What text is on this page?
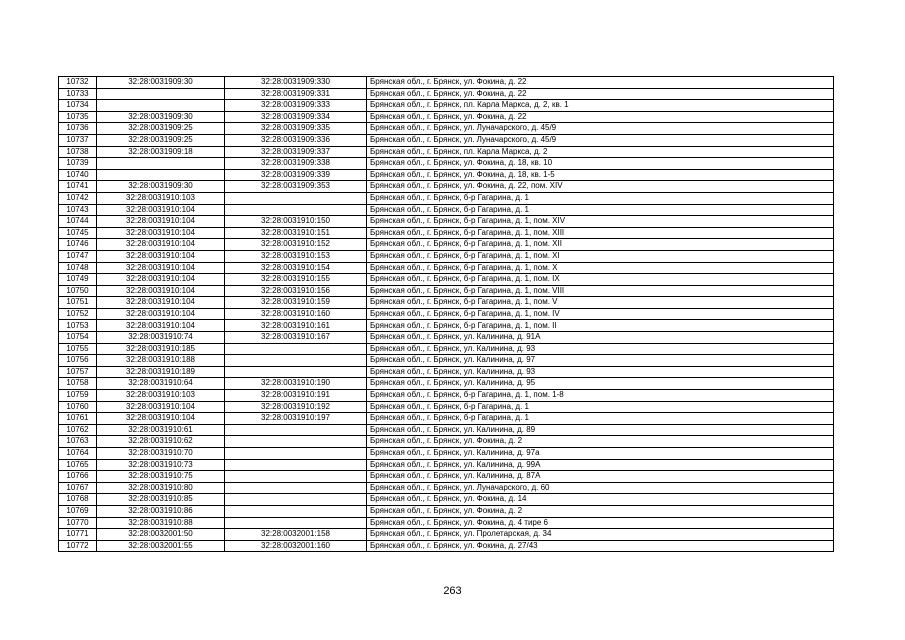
10732	32:28:0031909:30	32:28:0031909:330	Брянская обл., г. Брянск, ул. Фокина, д. 22
10733		32:28:0031909:331	Брянская обл., г. Брянск, ул. Фокина, д. 22
10734		32:28:0031909:333	Брянская обл., г. Брянск, пл. Карла Маркса, д. 2, кв. 1
10735	32:28:0031909:30	32:28:0031909:334	Брянская обл., г. Брянск, ул. Фокина, д. 22
10736	32:28:0031909:25	32:28:0031909:335	Брянская обл., г. Брянск, ул. Луначарского, д. 45/9
10737	32:28:0031909:25	32:28:0031909:336	Брянская обл., г. Брянск, ул. Луначарского, д. 45/9
10738	32:28:0031909:18	32:28:0031909:337	Брянская обл., г. Брянск, пл. Карла Маркса, д. 2
10739		32:28:0031909:338	Брянская обл., г. Брянск, ул. Фокина, д. 18, кв. 10
10740		32:28:0031909:339	Брянская обл., г. Брянск, ул. Фокина, д. 18, кв. 1-5
10741	32:28:0031909:30	32:28:0031909:353	Брянская обл., г. Брянск, ул. Фокина, д. 22, пом. XIV
10742	32:28:0031910:103		Брянская обл., г. Брянск, б-р Гагарина, д. 1
10743	32:28:0031910:104		Брянская обл., г. Брянск, б-р Гагарина, д. 1
10744	32:28:0031910:104	32:28:0031910:150	Брянская обл., г. Брянск, б-р Гагарина, д. 1, пом. XIV
10745	32:28:0031910:104	32:28:0031910:151	Брянская обл., г. Брянск, б-р Гагарина, д. 1, пом. XIII
10746	32:28:0031910:104	32:28:0031910:152	Брянская обл., г. Брянск, б-р Гагарина, д. 1, пом. XII
10747	32:28:0031910:104	32:28:0031910:153	Брянская обл., г. Брянск, б-р Гагарина, д. 1, пом. XI
10748	32:28:0031910:104	32:28:0031910:154	Брянская обл., г. Брянск, б-р Гагарина, д. 1, пом. X
10749	32:28:0031910:104	32:28:0031910:155	Брянская обл., г. Брянск, б-р Гагарина, д. 1, пом. IX
10750	32:28:0031910:104	32:28:0031910:156	Брянская обл., г. Брянск, б-р Гагарина, д. 1, пом. VIII
10751	32:28:0031910:104	32:28:0031910:159	Брянская обл., г. Брянск, б-р Гагарина, д. 1, пом. V
10752	32:28:0031910:104	32:28:0031910:160	Брянская обл., г. Брянск, б-р Гагарина, д. 1, пом. IV
10753	32:28:0031910:104	32:28:0031910:161	Брянская обл., г. Брянск, б-р Гагарина, д. 1, пом. II
10754	32:28:0031910:74	32:28:0031910:167	Брянская обл., г. Брянск, ул. Калинина, д. 91А
10755	32:28:0031910:185		Брянская обл., г. Брянск, ул. Калинина, д. 93
10756	32:28:0031910:188		Брянская обл., г. Брянск, ул. Калинина, д. 97
10757	32:28:0031910:189		Брянская обл., г. Брянск, ул. Калинина, д. 93
10758	32:28:0031910:64	32:28:0031910:190	Брянская обл., г. Брянск, ул. Калинина, д. 95
10759	32:28:0031910:103	32:28:0031910:191	Брянская обл., г. Брянск, б-р Гагарина, д. 1, пом. 1-8
10760	32:28:0031910:104	32:28:0031910:192	Брянская обл., г. Брянск, б-р Гагарина, д. 1
10761	32:28:0031910:104	32:28:0031910:197	Брянская обл., г. Брянск, б-р Гагарина, д. 1
10762	32:28:0031910:61		Брянская обл., г. Брянск, ул. Калинина, д. 89
10763	32:28:0031910:62		Брянская обл., г. Брянск, ул. Фокина, д. 2
10764	32:28:0031910:70		Брянская обл., г. Брянск, ул. Калинина, д. 97а
10765	32:28:0031910:73		Брянская обл., г. Брянск, ул. Калинина, д. 99А
10766	32:28:0031910:75		Брянская обл., г. Брянск, ул. Калинина, д. 87А
10767	32:28:0031910:80		Брянская обл., г. Брянск, ул. Луначарского, д. 60
10768	32:28:0031910:85		Брянская обл., г. Брянск, ул. Фокина, д. 14
10769	32:28:0031910:86		Брянская обл., г. Брянск, ул. Фокина, д. 2
10770	32:28:0031910:88		Брянская обл., г. Брянск, ул. Фокина, д. 4 тире 6
10771	32:28:0032001:50	32:28:0032001:158	Брянская обл., г. Брянск, ул. Пролетарская, д. 34
10772	32:28:0032001:55	32:28:0032001:160	Брянская обл., г. Брянск, ул. Фокина, д. 27/43
263
